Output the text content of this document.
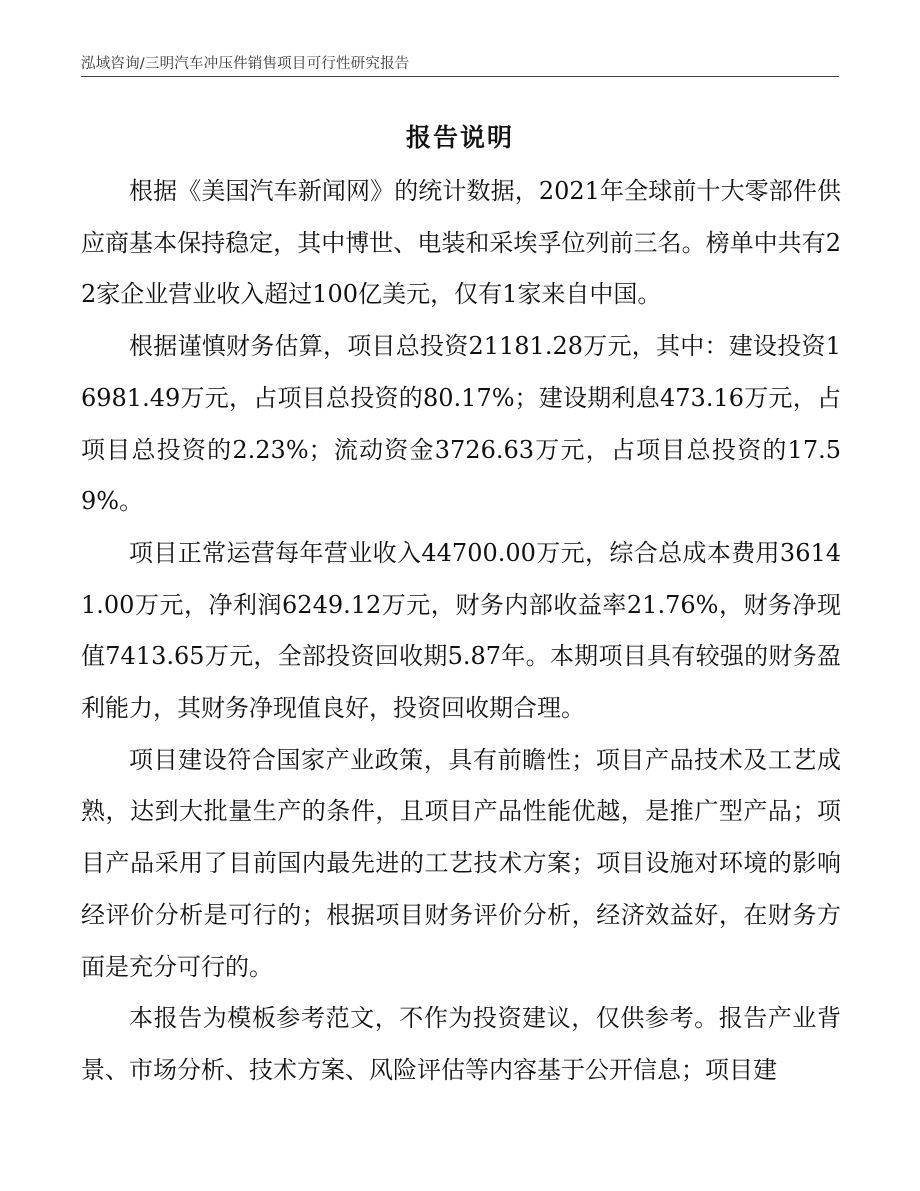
泓域咨询/三明汽车冲压件销售项目可行性研究报告
报告说明

根据《美国汽车新闻网》的统计数据，2021年全球前十大零部件供应商基本保持稳定，其中博世、电装和采埃孚位列前三名。榜单中共有22家企业营业收入超过100亿美元，仅有1家来自中国。

根据谨慎财务估算，项目总投资21181.28万元，其中：建设投资16981.49万元，占项目总投资的80.17%；建设期利息473.16万元，占项目总投资的2.23%；流动资金3726.63万元，占项目总投资的17.59%。

项目正常运营每年营业收入44700.00万元，综合总成本费用36141.00万元，净利润6249.12万元，财务内部收益率21.76%，财务净现值7413.65万元，全部投资回收期5.87年。本期项目具有较强的财务盈利能力，其财务净现值良好，投资回收期合理。

项目建设符合国家产业政策，具有前瞻性；项目产品技术及工艺成熟，达到大批量生产的条件，且项目产品性能优越，是推广型产品；项目产品采用了目前国内最先进的工艺技术方案；项目设施对环境的影响经评价分析是可行的；根据项目财务评价分析，经济效益好，在财务方面是充分可行的。

本报告为模板参考范文，不作为投资建议，仅供参考。报告产业背景、市场分析、技术方案、风险评估等内容基于公开信息；项目建
